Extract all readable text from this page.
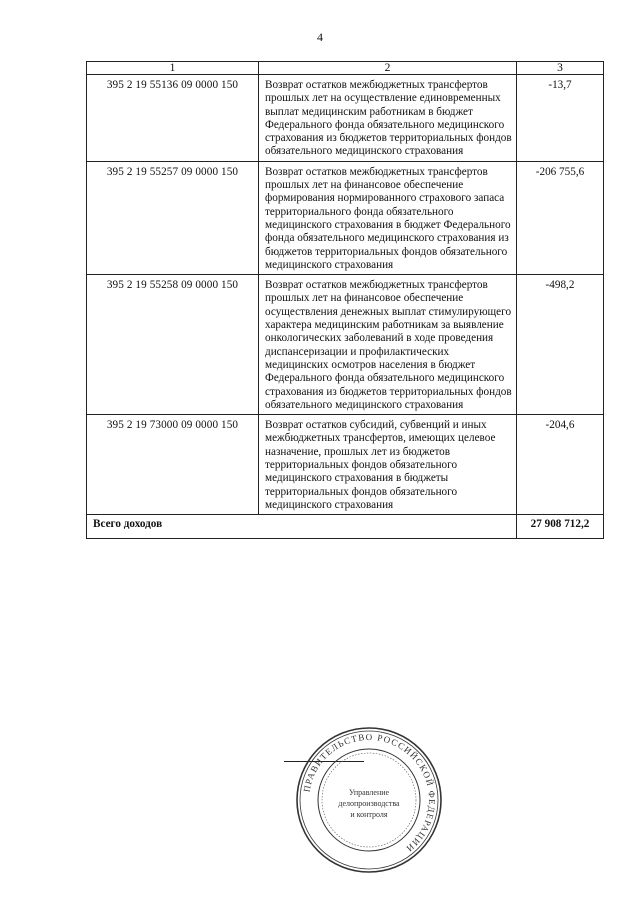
4
1	2	3
395 2 19 55136 09 0000 150	Возврат остатков межбюджетных трансфертов прошлых лет на осуществление единовременных выплат медицинским работникам в бюджет Федерального фонда обязательного медицинского страхования из бюджетов территориальных фондов обязательного медицинского страхования	-13,7
395 2 19 55257 09 0000 150	Возврат остатков межбюджетных трансфертов прошлых лет на финансовое обеспечение формирования нормированного страхового запаса территориального фонда обязательного медицинского страхования в бюджет Федерального фонда обязательного медицинского страхования из бюджетов территориальных фондов обязательного медицинского страхования	-206 755,6
395 2 19 55258 09 0000 150	Возврат остатков межбюджетных трансфертов прошлых лет на финансовое обеспечение осуществления денежных выплат стимулирующего характера медицинским работникам за выявление онкологических заболеваний в ходе проведения диспансеризации и профилактических медицинских осмотров населения в бюджет Федерального фонда обязательного медицинского страхования из бюджетов территориальных фондов обязательного медицинского страхования	-498,2
395 2 19 73000 09 0000 150	Возврат остатков субсидий, субвенций и иных межбюджетных трансфертов, имеющих целевое назначение, прошлых лет из бюджетов территориальных фондов обязательного медицинского страхования в бюджеты территориальных фондов обязательного медицинского страхования	-204,6
Всего доходов		27 908 712,2
ПРАВИТЕЛЬСТВО РОССИЙСКОЙ ФЕДЕРАЦИИ
Управление
делопроизводства
и контроля
